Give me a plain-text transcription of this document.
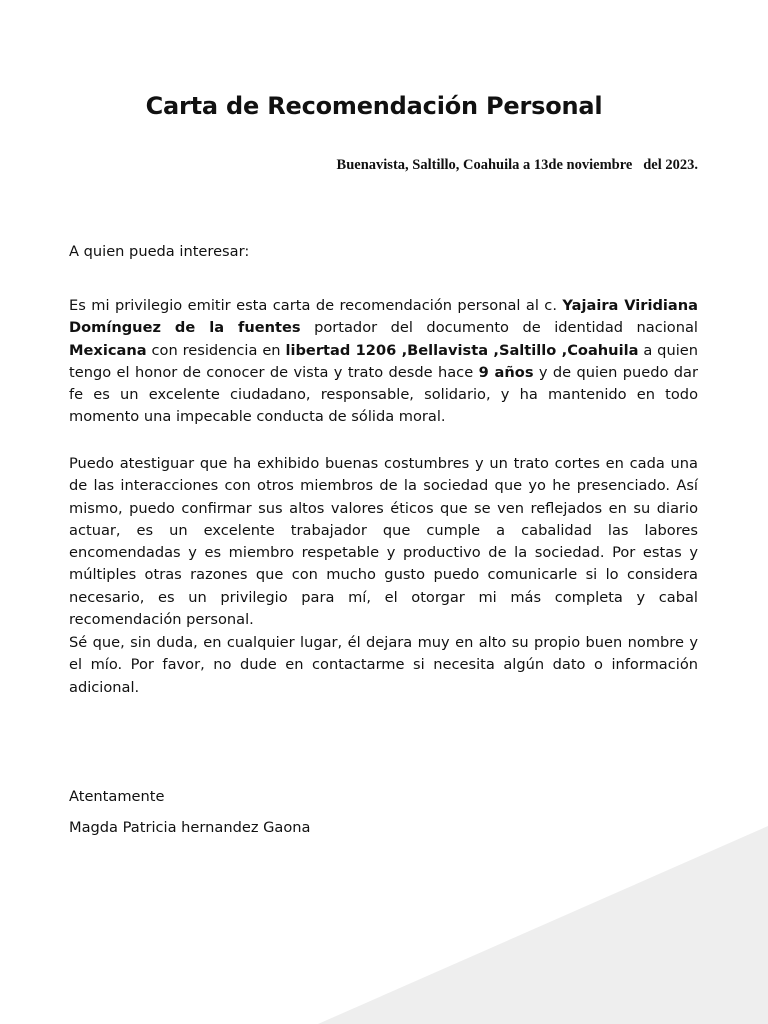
Carta de Recomendación Personal

Buenavista, Saltillo, Coahuila a 13de noviembre   del 2023.

A quien pueda interesar:

Es mi privilegio emitir esta carta de recomendación personal al c. Yajaira Viridiana Domínguez de la fuentes portador del documento de identidad nacional Mexicana con residencia en libertad 1206 ,Bellavista ,Saltillo ,Coahuila a quien tengo el honor de conocer de vista y trato desde hace 9 años y de quien puedo dar fe es un excelente ciudadano, responsable, solidario, y ha mantenido en todo momento una impecable conducta de sólida moral.

Puedo atestiguar que ha exhibido buenas costumbres y un trato cortes en cada una de las interacciones con otros miembros de la sociedad que yo he presenciado. Así mismo, puedo confirmar sus altos valores éticos que se ven reflejados en su diario actuar, es un excelente trabajador que cumple a cabalidad las labores encomendadas y es miembro respetable y productivo de la sociedad. Por estas y múltiples otras razones que con mucho gusto puedo comunicarle si lo considera necesario, es un privilegio para mí, el otorgar mi más completa y cabal recomendación personal.

Sé que, sin duda, en cualquier lugar, él dejara muy en alto su propio buen nombre y el mío. Por favor, no dude en contactarme si necesita algún dato o información adicional.

Atentamente

Magda Patricia hernandez Gaona
